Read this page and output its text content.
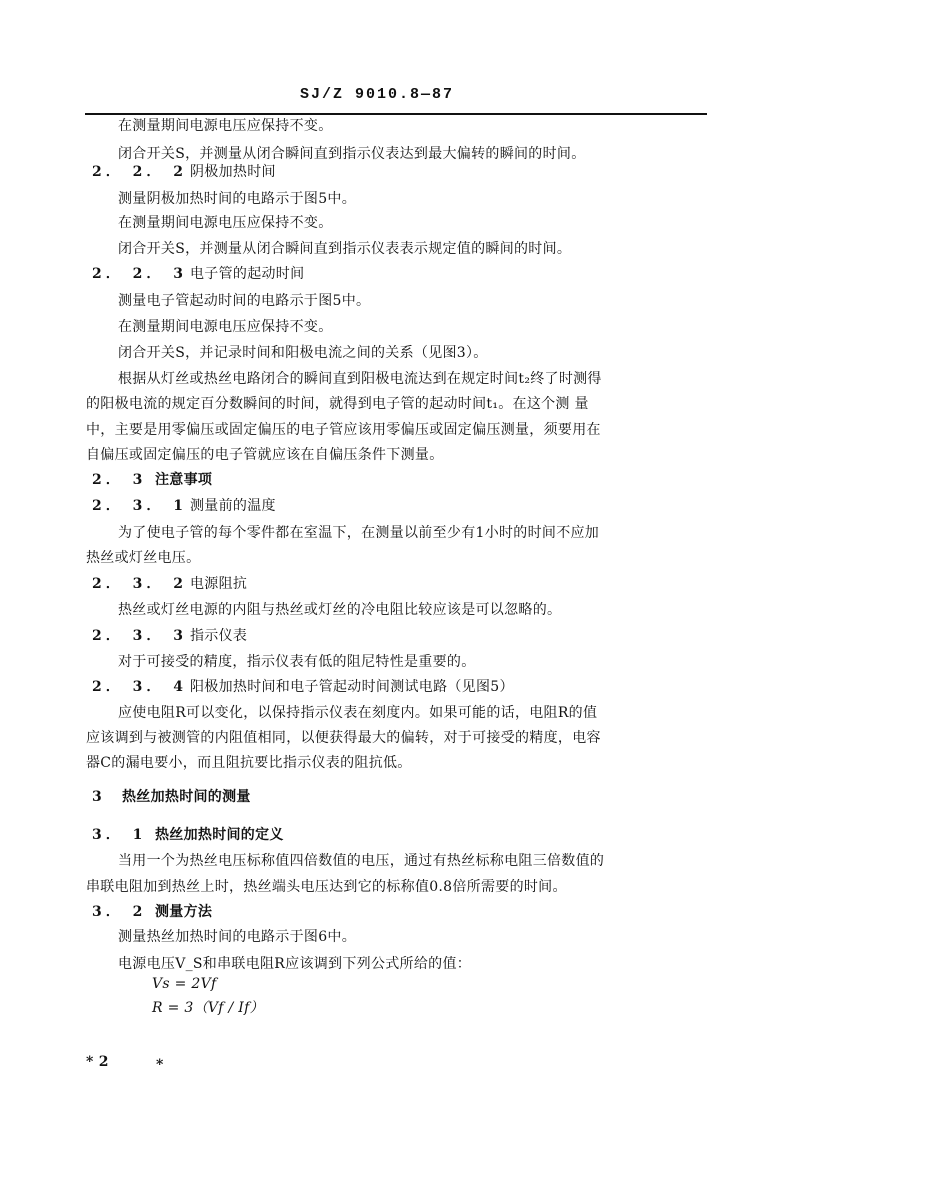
SJ/Z 9010.8—87
在测量期间电源电压应保持不变。
闭合开关S，并测量从闭合瞬间直到指示仪表达到最大偏转的瞬间的时间。
2． 2． 2 阴极加热时间
测量阴极加热时间的电路示于图5中。
在测量期间电源电压应保持不变。
闭合开关S，并测量从闭合瞬间直到指示仪表表示规定值的瞬间的时间。
2． 2． 3 电子管的起动时间
测量电子管起动时间的电路示于图5中。
在测量期间电源电压应保持不变。
闭合开关S，并记录时间和阳极电流之间的关系（见图3）。
根据从灯丝或热丝电路闭合的瞬间直到阳极电流达到在规定时间t₂终了时测得
的阳极电流的规定百分数瞬间的时间，就得到电子管的起动时间t₁。在这个测 量
中，主要是用零偏压或固定偏压的电子管应该用零偏压或固定偏压测量，须要用在
自偏压或固定偏压的电子管就应该在自偏压条件下测量。
2． 3 注意事项
2． 3． 1 测量前的温度
为了使电子管的每个零件都在室温下，在测量以前至少有1小时的时间不应加
热丝或灯丝电压。
2． 3． 2 电源阻抗
热丝或灯丝电源的内阻与热丝或灯丝的冷电阻比较应该是可以忽略的。
2． 3． 3 指示仪表
对于可接受的精度，指示仪表有低的阻尼特性是重要的。
2． 3． 4 阳极加热时间和电子管起动时间测试电路（见图5）
应使电阻R可以变化，以保持指示仪表在刻度内。如果可能的话，电阻R的值
应该调到与被测管的内阻值相同，以便获得最大的偏转，对于可接受的精度，电容
器C的漏电要小，而且阻抗要比指示仪表的阻抗低。
3 热丝加热时间的测量
3． 1 热丝加热时间的定义
当用一个为热丝电压标称值四倍数值的电压，通过有热丝标称电阻三倍数值的
串联电阻加到热丝上时，热丝端头电压达到它的标称值0.8倍所需要的时间。
3． 2 测量方法
测量热丝加热时间的电路示于图6中。
电源电压V_S和串联电阻R应该调到下列公式所给的值：
Vs = 2Vf
R = 3（Vf / If）
* 2	*
